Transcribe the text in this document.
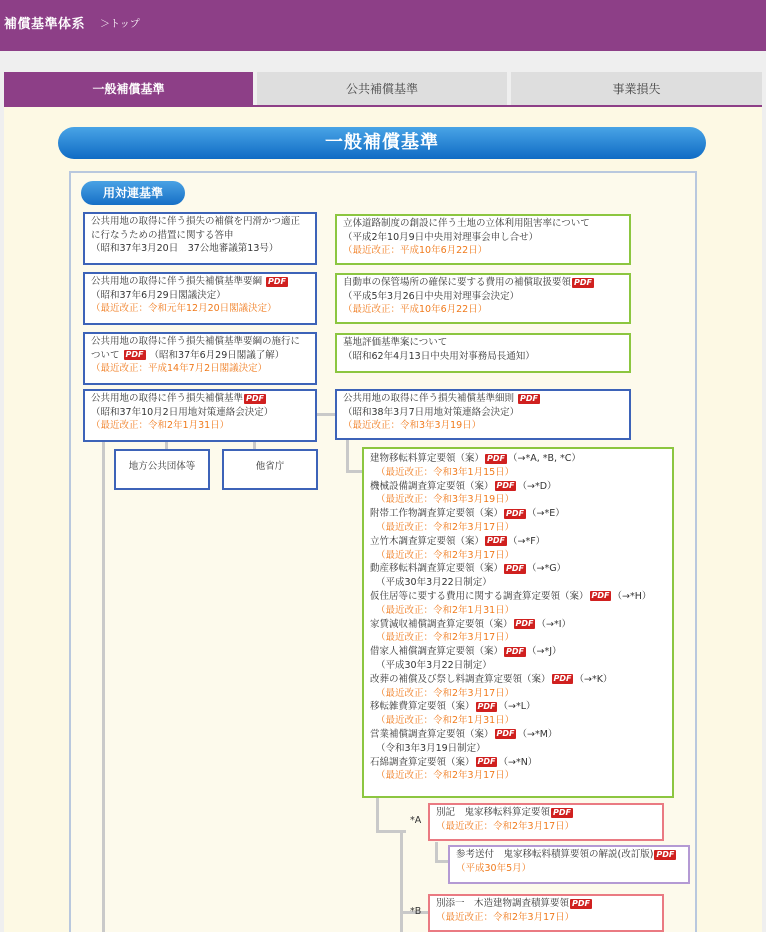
補償基準体系 ＞トップ
一般補償基準	公共補償基準	事業損失
一般補償基準
用対連基準
公共用地の取得に伴う損失の補償を円滑かつ適正
に行なうための措置に関する答申
（昭和37年3月20日　37公地審議第13号）
公共用地の取得に伴う損失補償基準要綱 PDF
（昭和37年6月29日閣議決定）
（最近改正：令和元年12月20日閣議決定）
公共用地の取得に伴う損失補償基準要綱の施行に
ついて PDF （昭和37年6月29日閣議了解）
（最近改正：平成14年7月2日閣議決定）
公共用地の取得に伴う損失補償基準 PDF
（昭和37年10月2日用地対策連絡会決定）
（最近改正：令和2年1月31日）
地方公共団体等	他省庁
立体道路制度の創設に伴う土地の立体利用阻害率について
（平成2年10月9日中央用対理事会申し合せ）
（最近改正：平成10年6月22日）
自動車の保管場所の確保に要する費用の補償取扱要領 PDF
（平成5年3月26日中央用対理事会決定）
（最近改正：平成10年6月22日）
墓地評価基準案について
（昭和62年4月13日中央用対事務局長通知）
公共用地の取得に伴う損失補償基準細則 PDF
（昭和38年3月7日用地対策連絡会決定）
（最近改正：令和3年3月19日）
建物移転料算定要領（案） PDF （→*A, *B, *C）
（最近改正：令和3年1月15日）
機械設備調査算定要領（案） PDF （→*D）
（最近改正：令和3年3月19日）
附帯工作物調査算定要領（案） PDF （→*E）
（最近改正：令和2年3月17日）
立竹木調査算定要領（案） PDF （→*F）
（最近改正：令和2年3月17日）
動産移転料調査算定要領（案） PDF （→*G）
（平成30年3月22日制定）
仮住居等に要する費用に関する調査算定要領（案） PDF （→*H）
（最近改正：令和2年1月31日）
家賃減収補償調査算定要領（案） PDF （→*I）
（最近改正：令和2年3月17日）
借家人補償調査算定要領（案） PDF （→*J）
（平成30年3月22日制定）
改葬の補償及び祭し料調査算定要領（案） PDF （→*K）
（最近改正：令和2年3月17日）
移転雑費算定要領（案） PDF （→*L）
（最近改正：令和2年1月31日）
営業補償調査算定要領（案） PDF （→*M）
（令和3年3月19日制定）
石綿調査算定要領（案） PDF （→*N）
（最近改正：令和2年3月17日）
*A
別記　鬼家移転料算定要領 PDF
（最近改正：令和2年3月17日）
参考送付　鬼家移転料積算要領の解説(改訂版) PDF
（平成30年5月）
*B
別添一　木造建物調査積算要領 PDF
（最近改正：令和2年3月17日）
